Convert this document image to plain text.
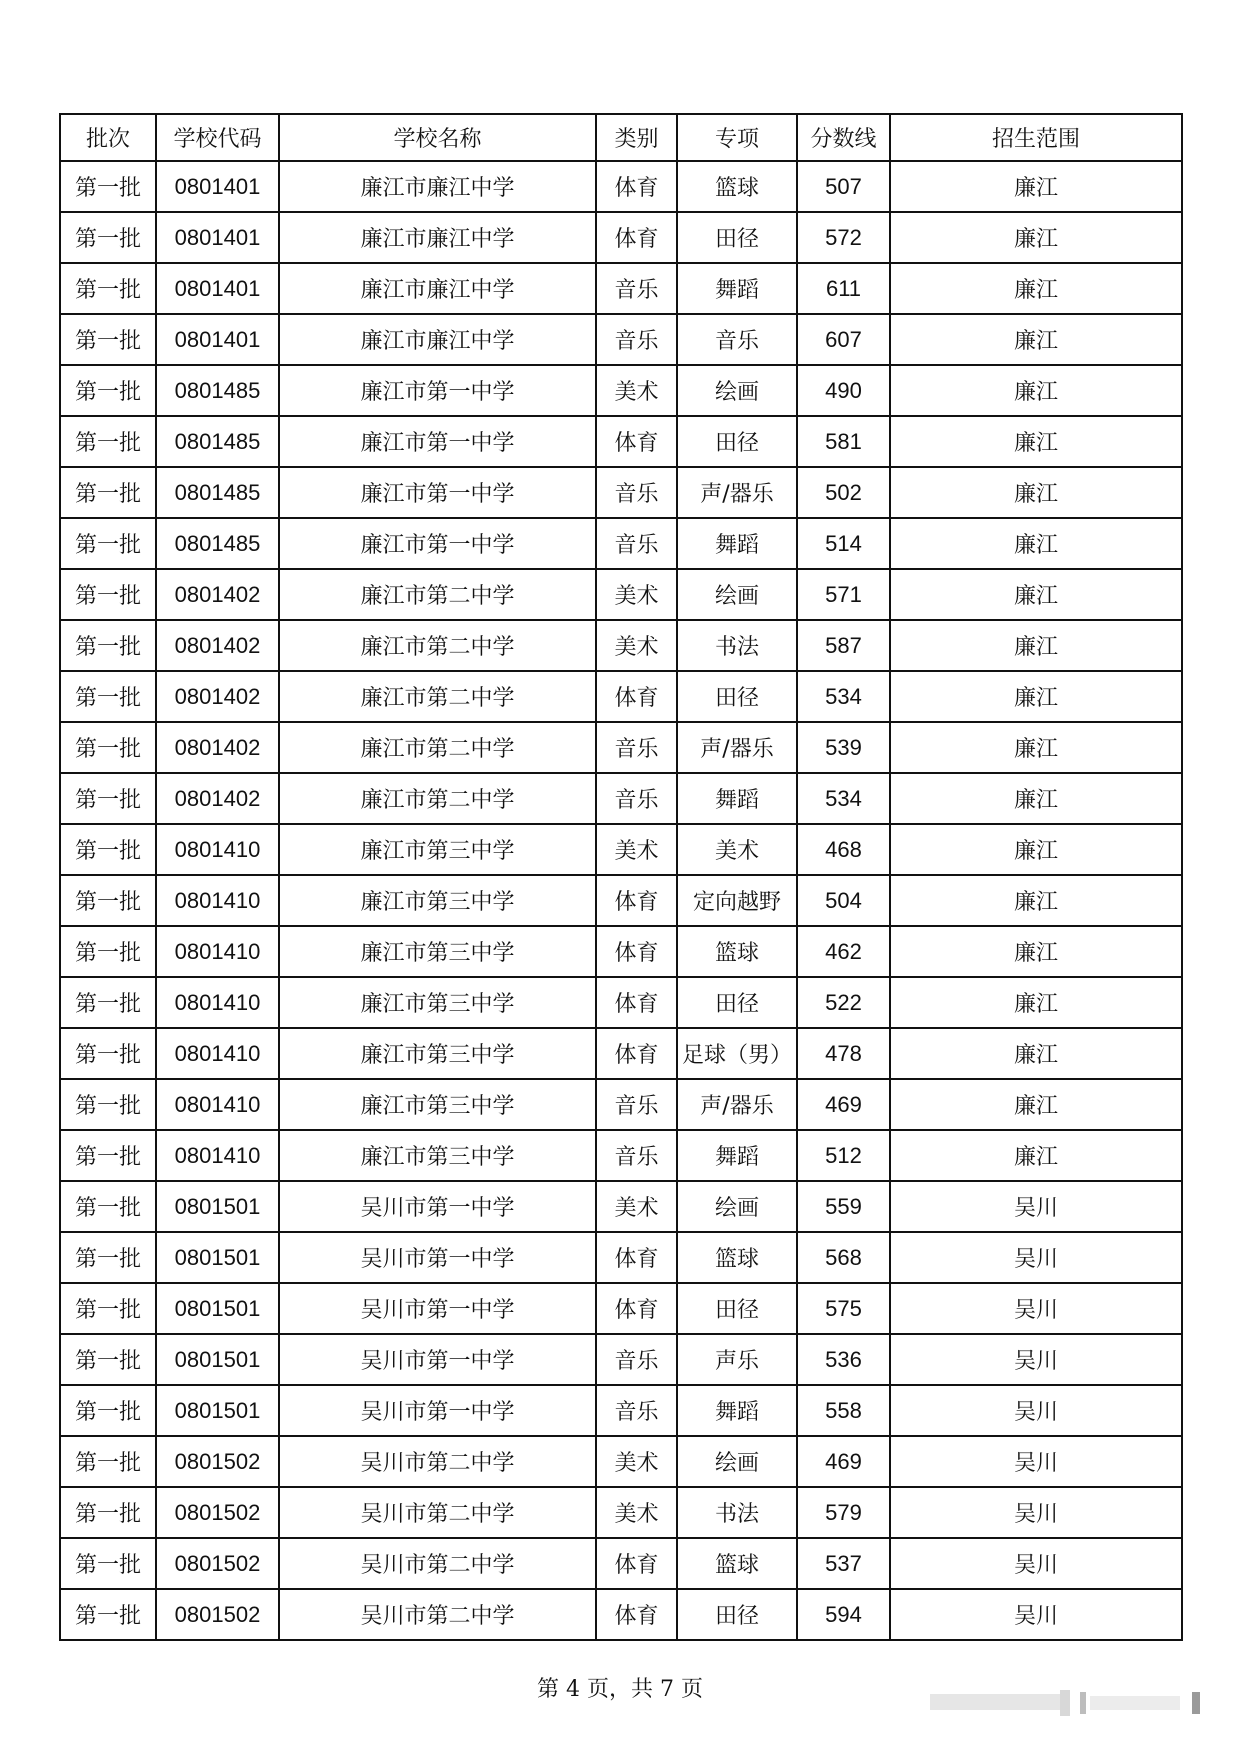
批次	学校代码	学校名称	类别	专项	分数线	招生范围
第一批	0801401	廉江市廉江中学	体育	篮球	507	廉江
第一批	0801401	廉江市廉江中学	体育	田径	572	廉江
第一批	0801401	廉江市廉江中学	音乐	舞蹈	611	廉江
第一批	0801401	廉江市廉江中学	音乐	音乐	607	廉江
第一批	0801485	廉江市第一中学	美术	绘画	490	廉江
第一批	0801485	廉江市第一中学	体育	田径	581	廉江
第一批	0801485	廉江市第一中学	音乐	声/器乐	502	廉江
第一批	0801485	廉江市第一中学	音乐	舞蹈	514	廉江
第一批	0801402	廉江市第二中学	美术	绘画	571	廉江
第一批	0801402	廉江市第二中学	美术	书法	587	廉江
第一批	0801402	廉江市第二中学	体育	田径	534	廉江
第一批	0801402	廉江市第二中学	音乐	声/器乐	539	廉江
第一批	0801402	廉江市第二中学	音乐	舞蹈	534	廉江
第一批	0801410	廉江市第三中学	美术	美术	468	廉江
第一批	0801410	廉江市第三中学	体育	定向越野	504	廉江
第一批	0801410	廉江市第三中学	体育	篮球	462	廉江
第一批	0801410	廉江市第三中学	体育	田径	522	廉江
第一批	0801410	廉江市第三中学	体育	足球（男）	478	廉江
第一批	0801410	廉江市第三中学	音乐	声/器乐	469	廉江
第一批	0801410	廉江市第三中学	音乐	舞蹈	512	廉江
第一批	0801501	吴川市第一中学	美术	绘画	559	吴川
第一批	0801501	吴川市第一中学	体育	篮球	568	吴川
第一批	0801501	吴川市第一中学	体育	田径	575	吴川
第一批	0801501	吴川市第一中学	音乐	声乐	536	吴川
第一批	0801501	吴川市第一中学	音乐	舞蹈	558	吴川
第一批	0801502	吴川市第二中学	美术	绘画	469	吴川
第一批	0801502	吴川市第二中学	美术	书法	579	吴川
第一批	0801502	吴川市第二中学	体育	篮球	537	吴川
第一批	0801502	吴川市第二中学	体育	田径	594	吴川
第 4 页，共 7 页
